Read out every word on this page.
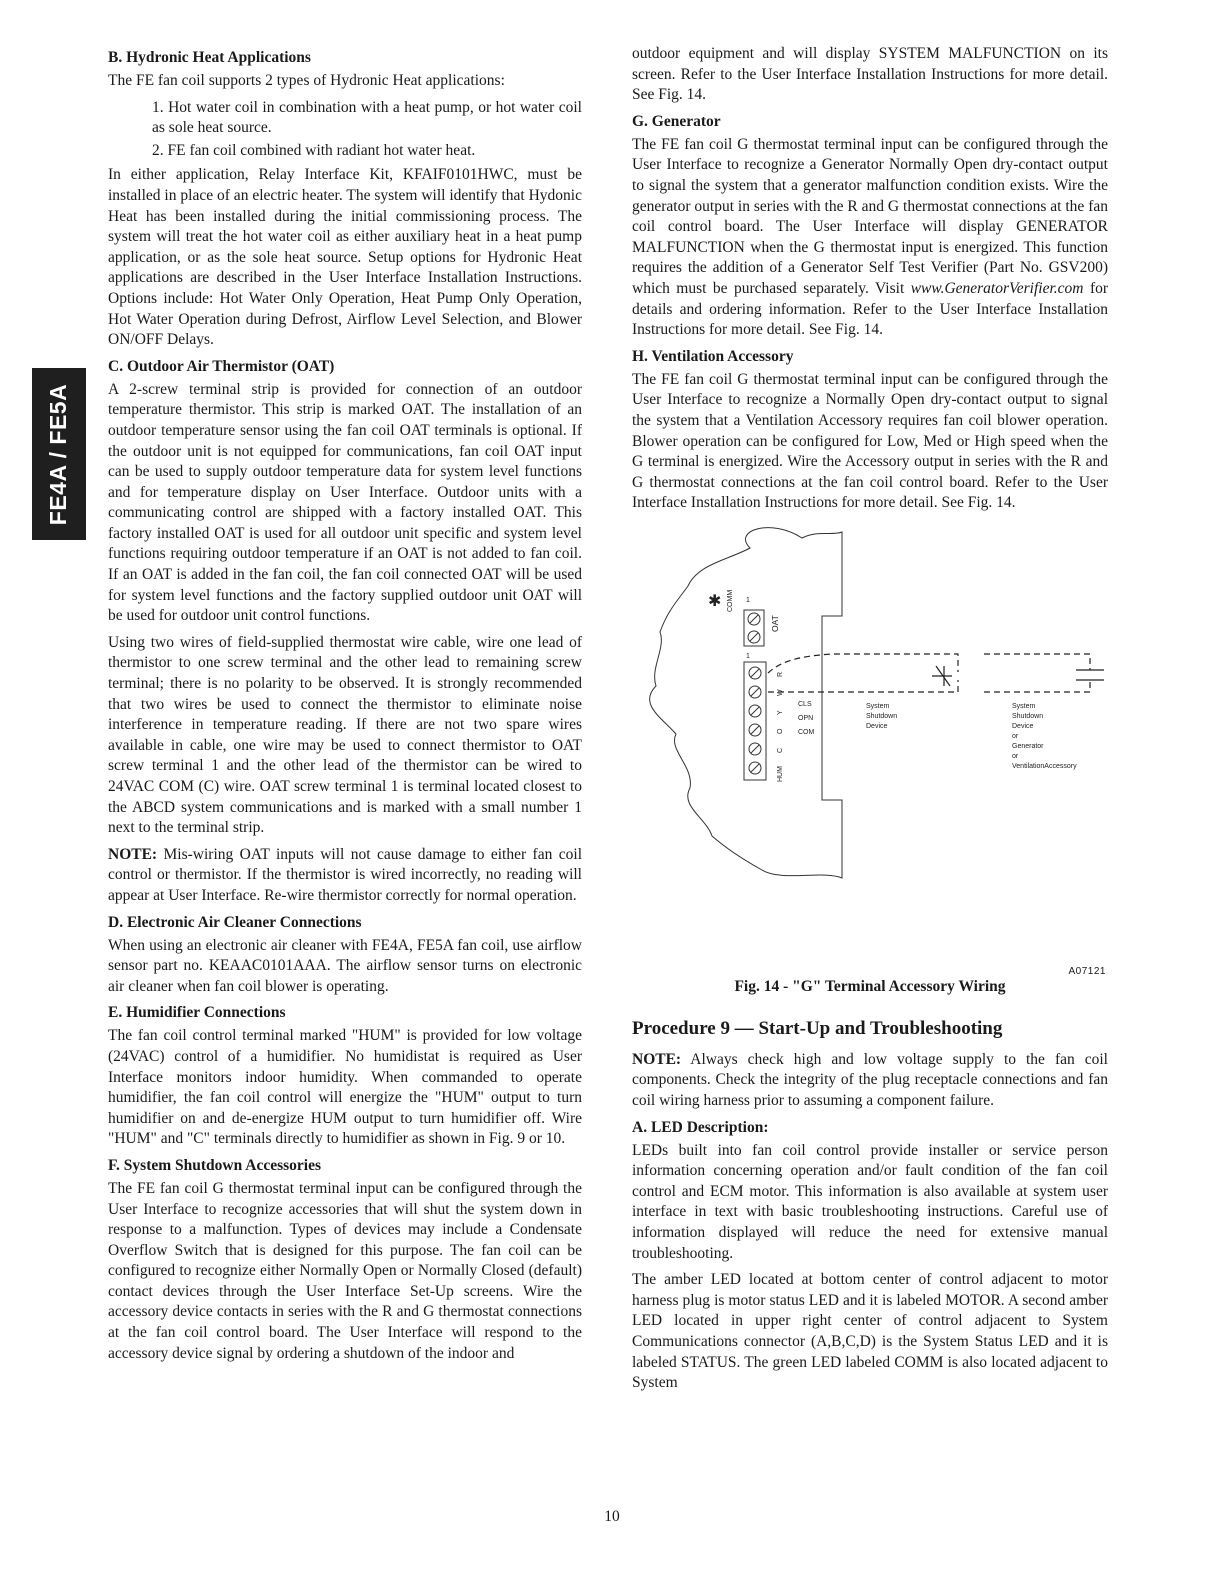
FE4A / FE5A
B. Hydronic Heat Applications

The FE fan coil supports 2 types of Hydronic Heat applications:

1. Hot water coil in combination with a heat pump, or hot water coil as sole heat source.
2. FE fan coil combined with radiant hot water heat.

In either application, Relay Interface Kit, KFAIF0101HWC, must be installed in place of an electric heater. The system will identify that Hydonic Heat has been installed during the initial commissioning process. The system will treat the hot water coil as either auxiliary heat in a heat pump application, or as the sole heat source. Setup options for Hydronic Heat applications are described in the User Interface Installation Instructions. Options include: Hot Water Only Operation, Heat Pump Only Operation, Hot Water Operation during Defrost, Airflow Level Selection, and Blower ON/OFF Delays.

C. Outdoor Air Thermistor (OAT)

A 2-screw terminal strip is provided for connection of an outdoor temperature thermistor. This strip is marked OAT. The installation of an outdoor temperature sensor using the fan coil OAT terminals is optional. If the outdoor unit is not equipped for communications, fan coil OAT input can be used to supply outdoor temperature data for system level functions and for temperature display on User Interface. Outdoor units with a communicating control are shipped with a factory installed OAT. This factory installed OAT is used for all outdoor unit specific and system level functions requiring outdoor temperature if an OAT is not added to fan coil. If an OAT is added in the fan coil, the fan coil connected OAT will be used for system level functions and the factory supplied outdoor unit OAT will be used for outdoor unit control functions.

Using two wires of field-supplied thermostat wire cable, wire one lead of thermistor to one screw terminal and the other lead to remaining screw terminal; there is no polarity to be observed. It is strongly recommended that two wires be used to connect the thermistor to eliminate noise interference in temperature reading. If there are not two spare wires available in cable, one wire may be used to connect thermistor to OAT screw terminal 1 and the other lead of the thermistor can be wired to 24VAC COM (C) wire. OAT screw terminal 1 is terminal located closest to the ABCD system communications and is marked with a small number 1 next to the terminal strip.

NOTE: Mis-wiring OAT inputs will not cause damage to either fan coil control or thermistor. If the thermistor is wired incorrectly, no reading will appear at User Interface. Re-wire thermistor correctly for normal operation.

D. Electronic Air Cleaner Connections

When using an electronic air cleaner with FE4A, FE5A fan coil, use airflow sensor part no. KEAAC0101AAA. The airflow sensor turns on electronic air cleaner when fan coil blower is operating.

E. Humidifier Connections

The fan coil control terminal marked "HUM" is provided for low voltage (24VAC) control of a humidifier. No humidistat is required as User Interface monitors indoor humidity. When commanded to operate humidifier, the fan coil control will energize the "HUM" output to turn humidifier on and de-energize HUM output to turn humidifier off. Wire "HUM" and "C" terminals directly to humidifier as shown in Fig. 9 or 10.

F. System Shutdown Accessories

The FE fan coil G thermostat terminal input can be configured through the User Interface to recognize accessories that will shut the system down in response to a malfunction. Types of devices may include a Condensate Overflow Switch that is designed for this purpose. The fan coil can be configured to recognize either Normally Open or Normally Closed (default) contact devices through the User Interface Set-Up screens. Wire the accessory device contacts in series with the R and G thermostat connections at the fan coil control board. The User Interface will respond to the accessory device signal by ordering a shutdown of the indoor and

outdoor equipment and will display SYSTEM MALFUNCTION on its screen. Refer to the User Interface Installation Instructions for more detail. See Fig. 14.

G. Generator

The FE fan coil G thermostat terminal input can be configured through the User Interface to recognize a Generator Normally Open dry-contact output to signal the system that a generator malfunction condition exists. Wire the generator output in series with the R and G thermostat connections at the fan coil control board. The User Interface will display GENERATOR MALFUNCTION when the G thermostat input is energized. This function requires the addition of a Generator Self Test Verifier (Part No. GSV200) which must be purchased separately. Visit www.GeneratorVerifier.com for details and ordering information. Refer to the User Interface Installation Instructions for more detail. See Fig. 14.

H. Ventilation Accessory

The FE fan coil G thermostat terminal input can be configured through the User Interface to recognize a Normally Open dry-contact output to signal the system that a Ventilation Accessory requires fan coil blower operation. Blower operation can be configured for Low, Med or High speed when the G terminal is energized. Wire the Accessory output in series with the R and G thermostat connections at the fan coil control board. Refer to the User Interface Installation Instructions for more detail. See Fig. 14.

✱ COMM 1
OAT
1
R
W
Y
O
C
HUM
CLS
OPN
COM
System
Shutdown
Device
System
Shutdown
Device
or
Generator
or
VentilationAccessory
A07121
Fig. 14 - "G" Terminal Accessory Wiring
Procedure 9 — Start-Up and Troubleshooting

NOTE: Always check high and low voltage supply to the fan coil components. Check the integrity of the plug receptacle connections and fan coil wiring harness prior to assuming a component failure.

A. LED Description:

LEDs built into fan coil control provide installer or service person information concerning operation and/or fault condition of the fan coil control and ECM motor. This information is also available at system user interface in text with basic troubleshooting instructions. Careful use of information displayed will reduce the need for extensive manual troubleshooting.

The amber LED located at bottom center of control adjacent to motor harness plug is motor status LED and it is labeled MOTOR. A second amber LED located in upper right center of control adjacent to System Communications connector (A,B,C,D) is the System Status LED and it is labeled STATUS. The green LED labeled COMM is also located adjacent to System

10
